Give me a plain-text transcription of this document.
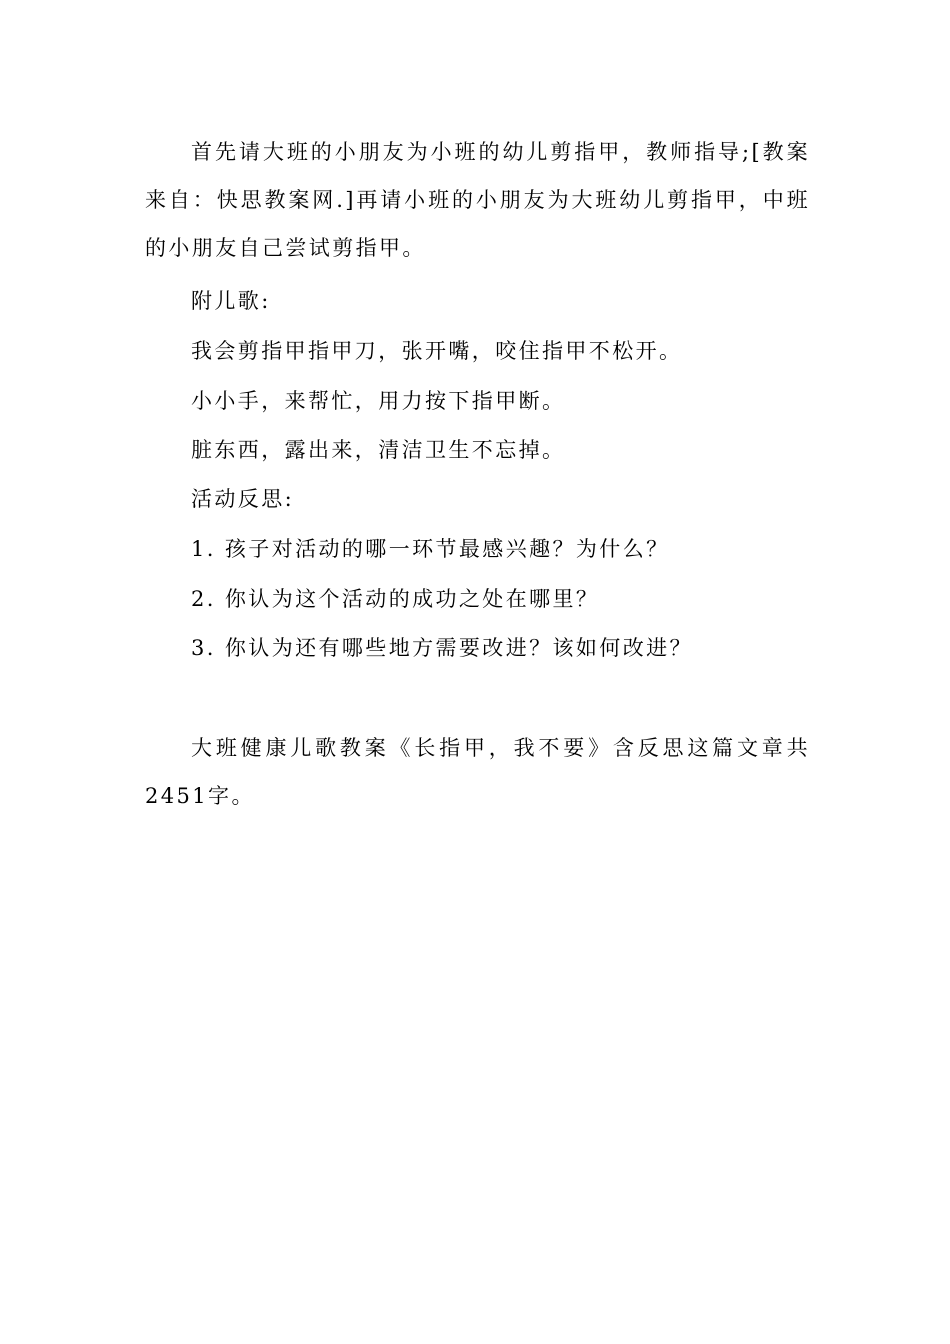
首先请大班的小朋友为小班的幼儿剪指甲，教师指导;[教案来自：快思教案网.]再请小班的小朋友为大班幼儿剪指甲，中班的小朋友自己尝试剪指甲。

附儿歌:

我会剪指甲指甲刀，张开嘴，咬住指甲不松开。

小小手，来帮忙，用力按下指甲断。

脏东西，露出来，清洁卫生不忘掉。

活动反思:

1. 孩子对活动的哪一环节最感兴趣？为什么？

2. 你认为这个活动的成功之处在哪里？

3. 你认为还有哪些地方需要改进？该如何改进？

大班健康儿歌教案《长指甲，我不要》含反思这篇文章共2451字。
